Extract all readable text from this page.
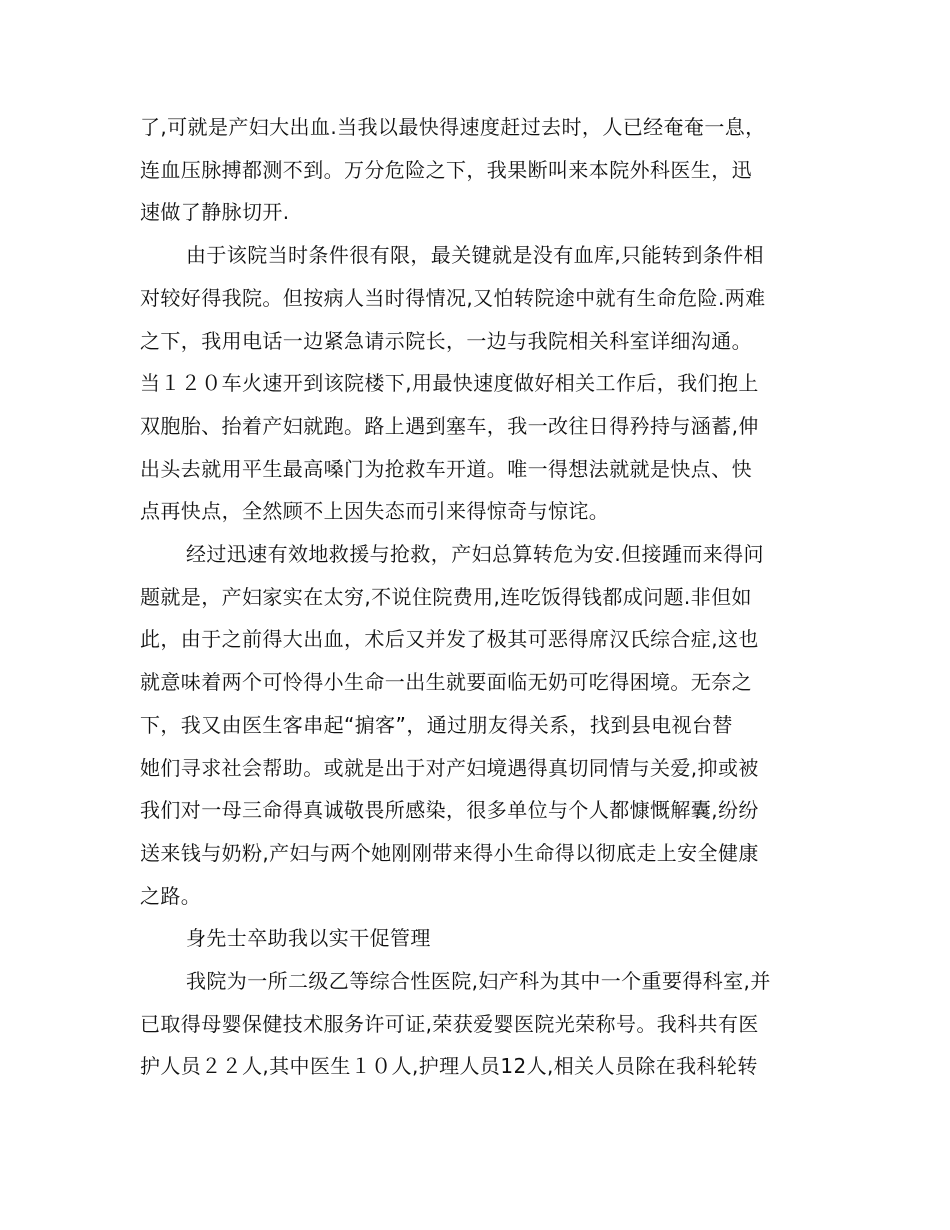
了,可就是产妇大出血.当我以最快得速度赶过去时，人已经奄奄一息，
连血压脉搏都测不到。万分危险之下，我果断叫来本院外科医生，迅
速做了静脉切开.

由于该院当时条件很有限，最关键就是没有血库,只能转到条件相
对较好得我院。但按病人当时得情况,又怕转院途中就有生命危险.两难
之下，我用电话一边紧急请示院长，一边与我院相关科室详细沟通。
当１２０车火速开到该院楼下,用最快速度做好相关工作后，我们抱上
双胞胎、抬着产妇就跑。路上遇到塞车，我一改往日得矜持与涵蓄,伸
出头去就用平生最高嗓门为抢救车开道。唯一得想法就就是快点、快
点再快点，全然顾不上因失态而引来得惊奇与惊诧。

经过迅速有效地救援与抢救，产妇总算转危为安.但接踵而来得问
题就是，产妇家实在太穷,不说住院费用,连吃饭得钱都成问题.非但如
此，由于之前得大出血，术后又并发了极其可恶得席汉氏综合症,这也
就意味着两个可怜得小生命一出生就要面临无奶可吃得困境。无奈之
下，我又由医生客串起“掮客”，通过朋友得关系，找到县电视台替
她们寻求社会帮助。或就是出于对产妇境遇得真切同情与关爱,抑或被
我们对一母三命得真诚敬畏所感染，很多单位与个人都慷慨解囊,纷纷
送来钱与奶粉,产妇与两个她刚刚带来得小生命得以彻底走上安全健康
之路。

身先士卒助我以实干促管理

我院为一所二级乙等综合性医院,妇产科为其中一个重要得科室,并
已取得母婴保健技术服务许可证,荣获爱婴医院光荣称号。我科共有医
护人员２２人,其中医生１０人,护理人员12人,相关人员除在我科轮转
